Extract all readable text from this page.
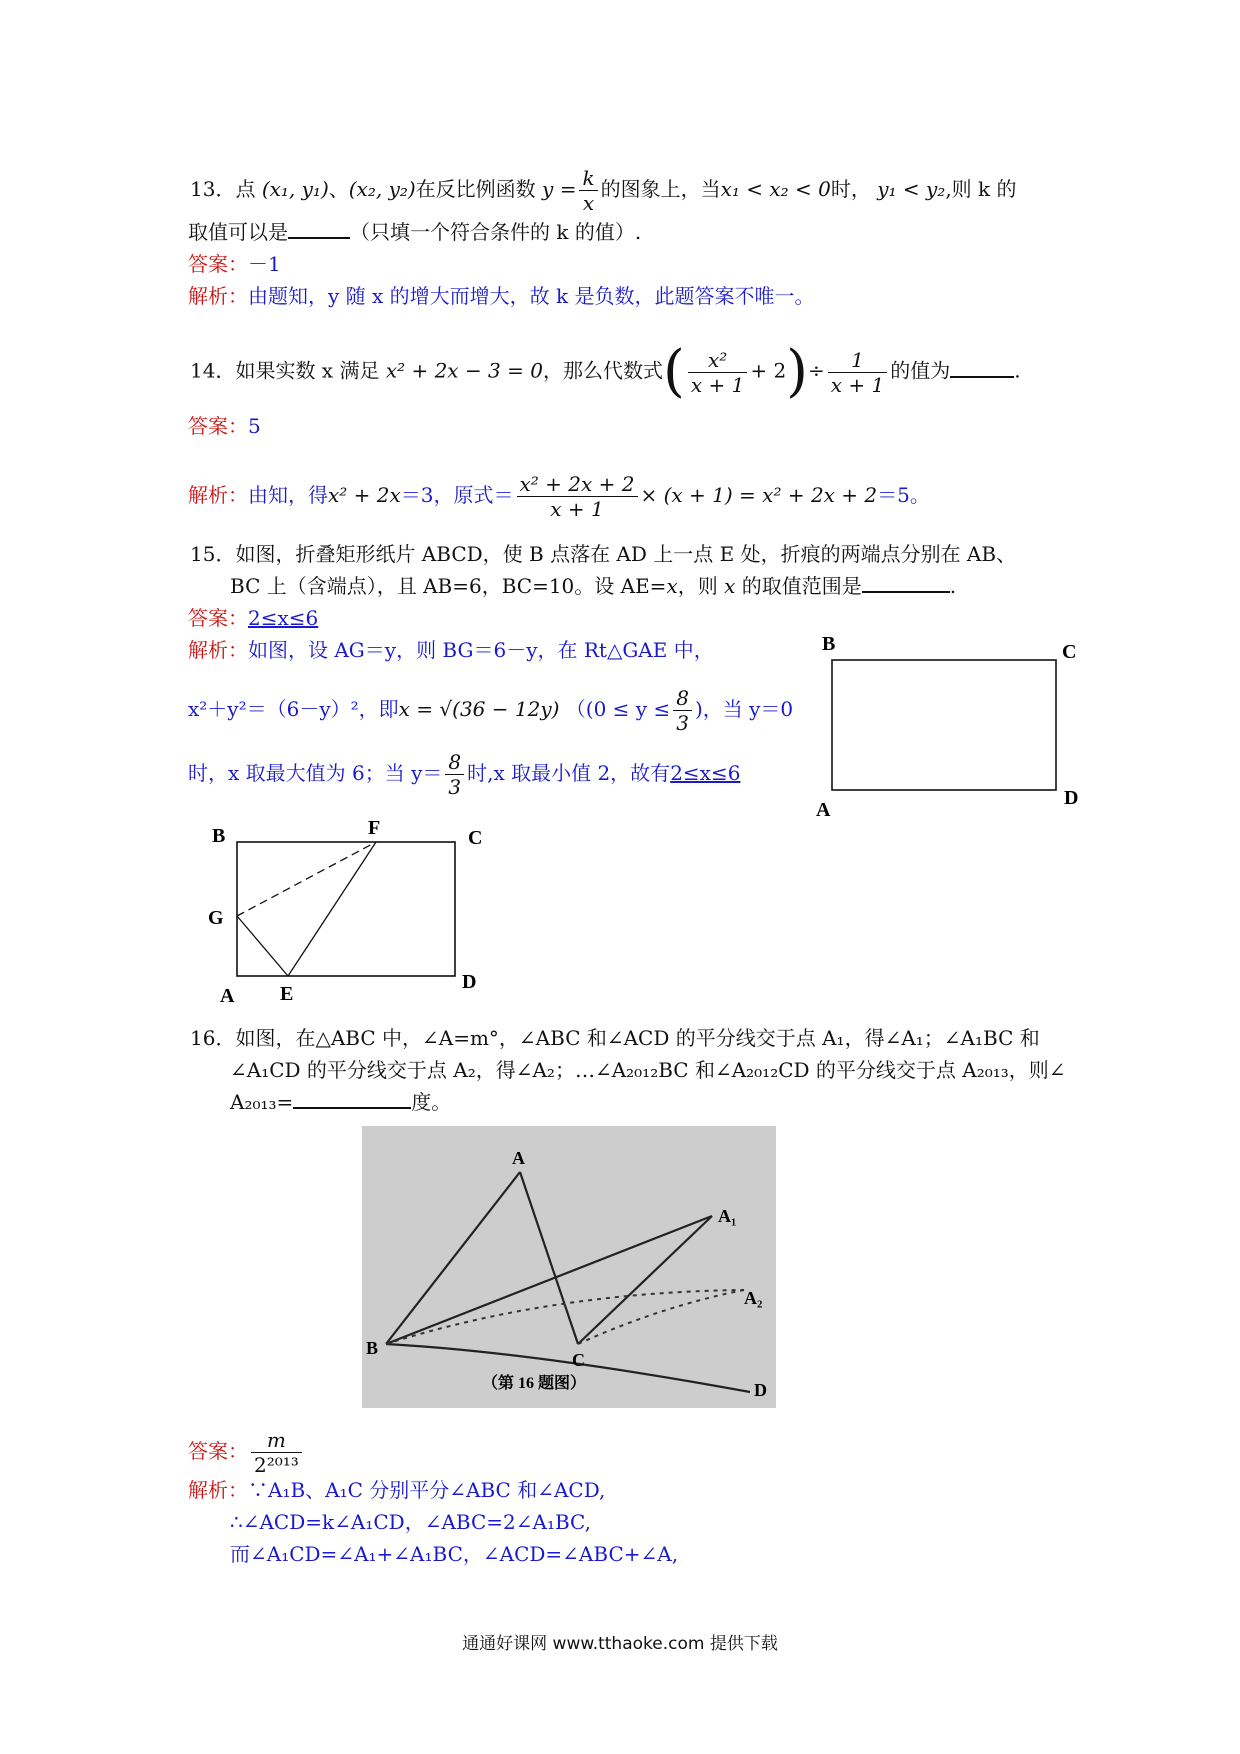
13．点 (x₁, y₁)、(x₂, y₂)在反比例函数 $y = \frac{k}{x}$ 的图象上，当x₁ < x₂ < 0时， y₁ < y₂,则 k 的
取值可以是	（只填一个符合条件的 k 的值）.
答案：－1
解析：由题知，y 随 x 的增大而增大，故 k 是负数，此题答案不唯一。
14．如果实数 x 满足 x² + 2x − 3 = 0，那么代数式( $\frac{\text{x²}}{x + 1} + 2)\div \frac{1}{x + 1}$ 的值为	.
答案：5
解析：由知，得x² + 2x＝3，原式＝ $\frac{\text{x² + 2x + 2}}{x + 1} \times (x + 1) = x^2 + 2x + 2=5$。
15．如图，折叠矩形纸片 ABCD，使 B 点落在 AD 上一点 E 处，折痕的两端点分别在 AB、
BC 上（含端点），且 AB=6，BC=10。设 AE=x，则 x 的取值范围是	.
答案：2≤x≤6
解析：如图，设 AG＝y，则 BG＝6－y，在 Rt△GAE 中，
x²＋y²＝（6－y）²，即x = √(36 − 12y) （($0 \le y \le \frac{8}{3}$ )，当 y＝0
时，x 取最大值为 6；当 $y= \frac{8}{3}$ 时,x 取最小值 2，故有2≤x≤6
B	C
A
D
B	F	C
G
A E
D
16．如图，在△ABC 中，∠A=m°，∠ABC 和∠ACD 的平分线交于点 A₁，得∠A₁；∠A₁BC 和
∠A₁CD 的平分线交于点 A₂，得∠A₂；…∠A₂₀₁₂BC 和∠A₂₀₁₂CD 的平分线交于点 A₂₀₁₃，则∠
A₂₀₁₃=	度。
A
A₁
A₂
B
C
D
（第 16 题图）
答案： $\frac{m}{\text{2²⁰¹³}}$
解析：∵A₁B、A₁C 分别平分∠ABC 和∠ACD,
∴∠ACD=k∠A₁CD，∠ABC=2∠A₁BC,
而∠A₁CD=∠A₁+∠A₁BC，∠ACD=∠ABC+∠A,
通通好课网 www.tthaoke.com 提供下载
